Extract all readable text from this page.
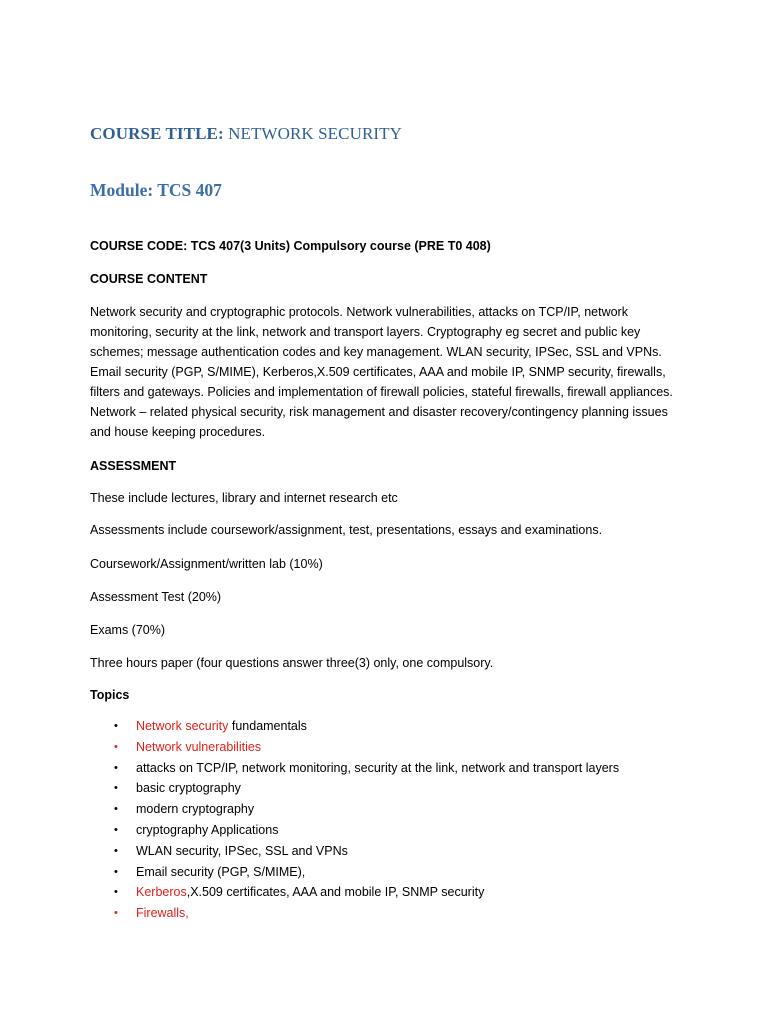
COURSE TITLE: NETWORK SECURITY
Module: TCS 407
COURSE CODE: TCS 407(3 Units) Compulsory course (PRE T0 408)
COURSE CONTENT
Network security and cryptographic protocols. Network vulnerabilities, attacks on TCP/IP, network monitoring, security at the link, network and transport layers. Cryptography eg secret and public key schemes; message authentication codes and key management. WLAN security, IPSec, SSL and VPNs. Email security (PGP, S/MIME), Kerberos,X.509 certificates, AAA and mobile IP, SNMP security, firewalls, filters and gateways. Policies and implementation of firewall policies, stateful firewalls, firewall appliances. Network – related physical security, risk management and disaster recovery/contingency planning issues and house keeping procedures.
ASSESSMENT
These include lectures, library and internet research etc
Assessments include coursework/assignment, test, presentations, essays and examinations.
Coursework/Assignment/written lab (10%)
Assessment Test (20%)
Exams (70%)
Three hours paper (four questions answer three(3) only, one compulsory.
Topics
• Network security fundamentals
• Network vulnerabilities
• attacks on TCP/IP, network monitoring, security at the link, network and transport layers
• basic cryptography
• modern cryptography
• cryptography Applications
• WLAN security, IPSec, SSL and VPNs
• Email security (PGP, S/MIME),
• Kerberos,X.509 certificates, AAA and mobile IP, SNMP security
• Firewalls,
